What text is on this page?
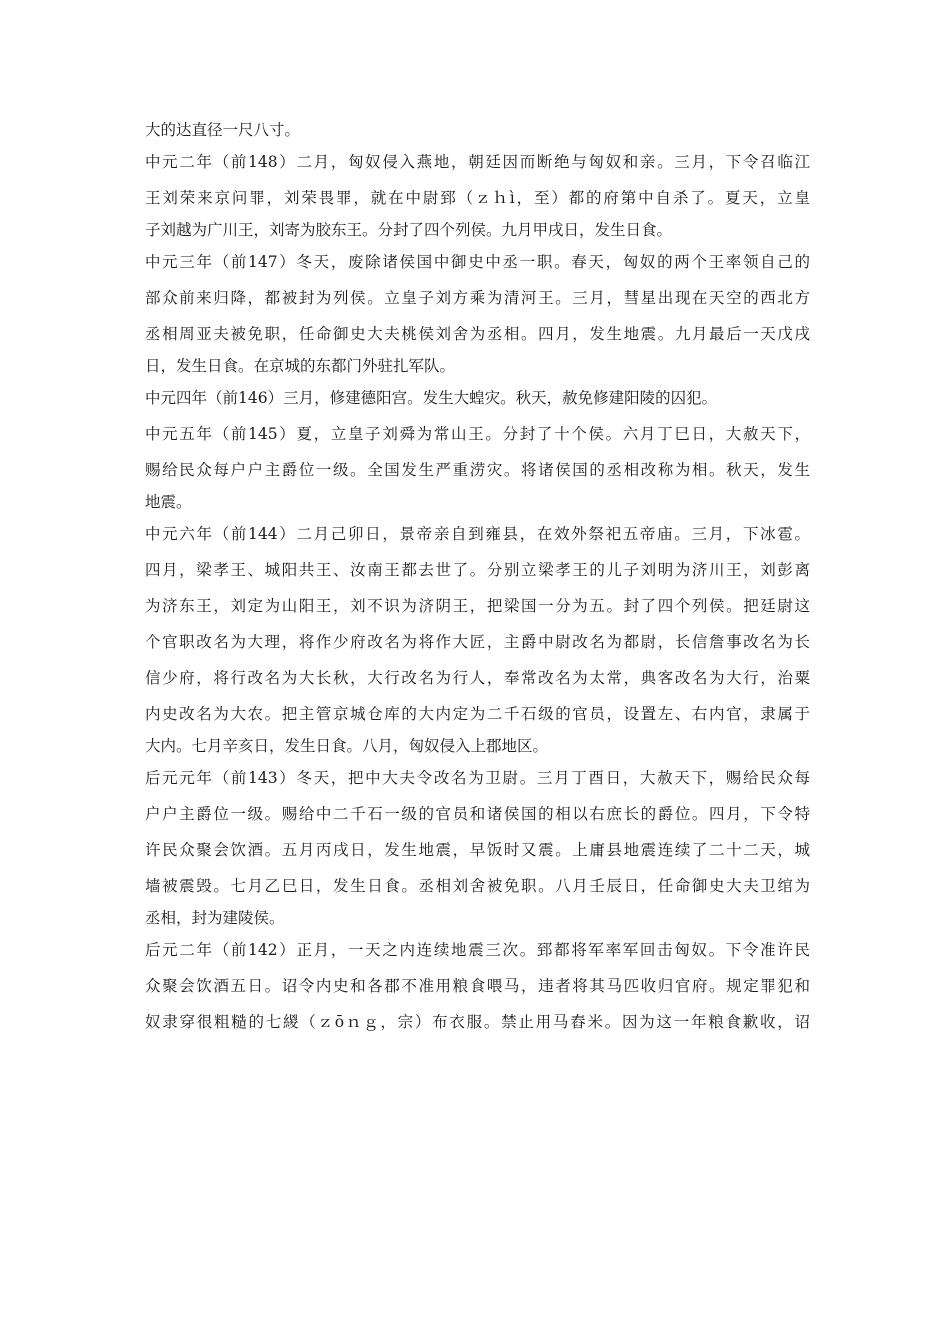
大的达直径一尺八寸。
中元二年（前148）二月，匈奴侵入燕地，朝廷因而断绝与匈奴和亲。三月，下令召临江
王刘荣来京问罪，刘荣畏罪，就在中尉郅（ｚｈì，至）都的府第中自杀了。夏天，立皇
子刘越为广川王，刘寄为胶东王。分封了四个列侯。九月甲戌日，发生日食。
中元三年（前147）冬天，废除诸侯国中御史中丞一职。春天，匈奴的两个王率领自己的
部众前来归降，都被封为列侯。立皇子刘方乘为清河王。三月，彗星出现在天空的西北方
丞相周亚夫被免职，任命御史大夫桃侯刘舍为丞相。四月，发生地震。九月最后一天戊戌
日，发生日食。在京城的东都门外驻扎军队。
中元四年（前146）三月，修建德阳宫。发生大蝗灾。秋天，赦免修建阳陵的囚犯。
中元五年（前145）夏，立皇子刘舜为常山王。分封了十个侯。六月丁巳日，大赦天下，
赐给民众每户户主爵位一级。全国发生严重涝灾。将诸侯国的丞相改称为相。秋天，发生
地震。
中元六年（前144）二月己卯日，景帝亲自到雍县，在效外祭祀五帝庙。三月，下冰雹。
四月，梁孝王、城阳共王、汝南王都去世了。分别立梁孝王的儿子刘明为济川王，刘彭离
为济东王，刘定为山阳王，刘不识为济阴王，把梁国一分为五。封了四个列侯。把廷尉这
个官职改名为大理，将作少府改名为将作大匠，主爵中尉改名为都尉，长信詹事改名为长
信少府，将行改名为大长秋，大行改名为行人，奉常改名为太常，典客改名为大行，治粟
内史改名为大农。把主管京城仓库的大内定为二千石级的官员，设置左、右内官，隶属于
大内。七月辛亥日，发生日食。八月，匈奴侵入上郡地区。
后元元年（前143）冬天，把中大夫令改名为卫尉。三月丁酉日，大赦天下，赐给民众每
户户主爵位一级。赐给中二千石一级的官员和诸侯国的相以右庶长的爵位。四月，下令特
许民众聚会饮酒。五月丙戌日，发生地震，早饭时又震。上庸县地震连续了二十二天，城
墙被震毁。七月乙巳日，发生日食。丞相刘舍被免职。八月壬辰日，任命御史大夫卫绾为
丞相，封为建陵侯。
后元二年（前142）正月，一天之内连续地震三次。郅都将军率军回击匈奴。下令准许民
众聚会饮酒五日。诏令内史和各郡不准用粮食喂马，违者将其马匹收归官府。规定罪犯和
奴隶穿很粗糙的七緵（ｚōｎｇ，宗）布衣服。禁止用马舂米。因为这一年粮食歉收，诏
